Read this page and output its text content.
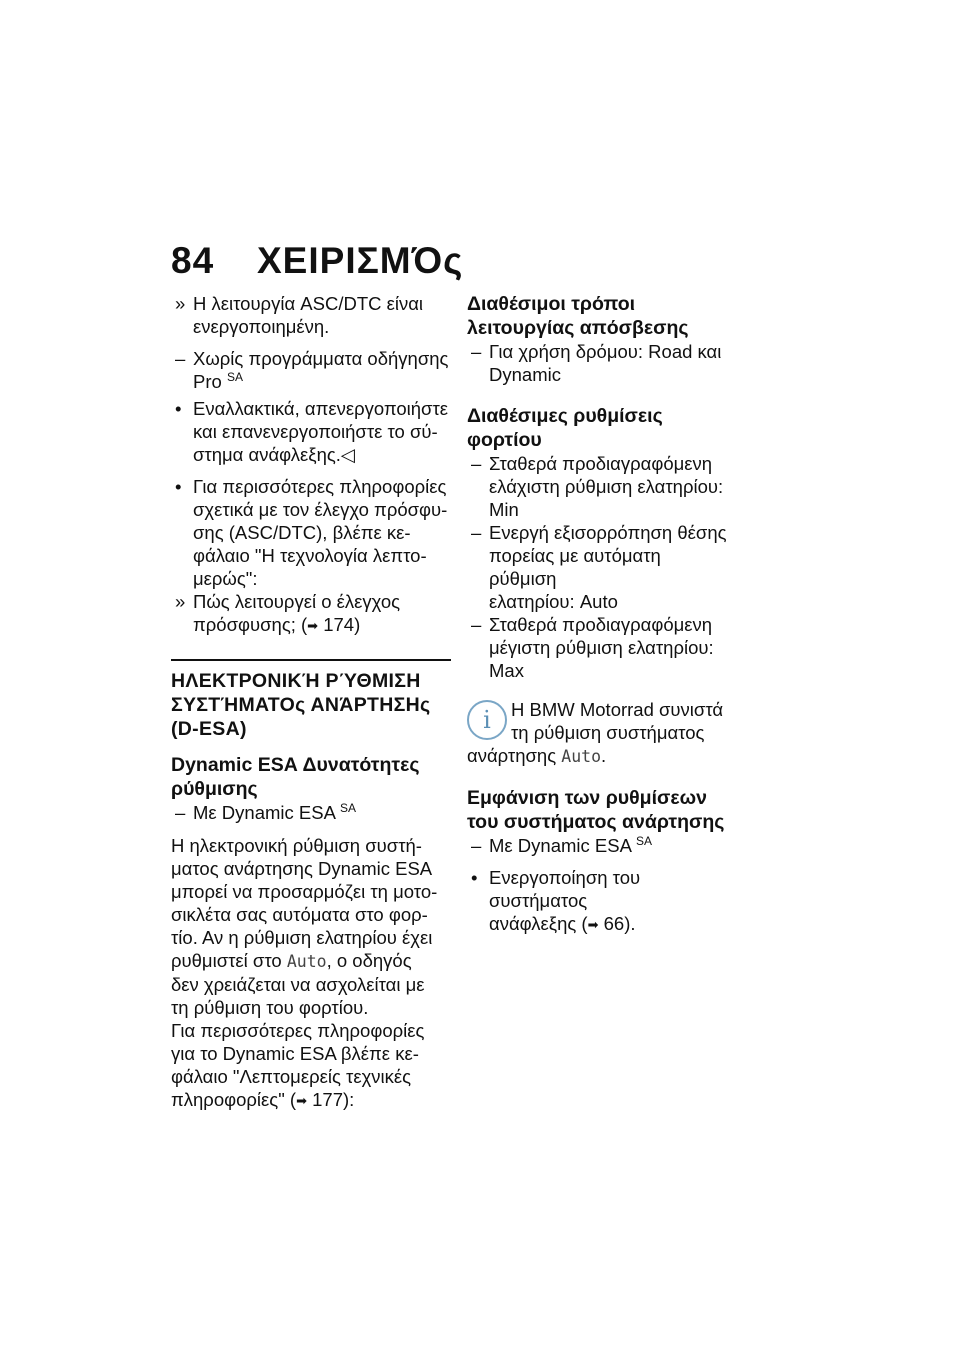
84 ΧΕΙΡΙΣΜΌς
» Η λειτουργία ASC/DTC είναι
ενεργοποιημένη.
– Χωρίς προγράμματα οδήγησης
Pro $^{SA}$
• Εναλλακτικά, απενεργοποιήστε
και επανενεργοποιήστε το σύ-
στημα ανάφλεξης.◁
• Για περισσότερες πληροφορίες
σχετικά με τον έλεγχο πρόσφυ-
σης (ASC/DTC), βλέπε κε-
φάλαιο "Η τεχνολογία λεπτο-
μερώς":
» Πώς λειτουργεί ο έλεγχος
πρόσφυσης; (➡ 174)
ΗΛΕΚΤΡΟΝΙΚΉ ΡΎΘΜΙΣΗ
ΣΥΣΤΉΜΑΤΟς ΑΝΆΡΤΗΣΗς
(D-ESA)
Dynamic ESA Δυνατότητες
ρύθμισης
– Με Dynamic ESA $^{SA}$
Η ηλεκτρονική ρύθμιση συστή-
ματος ανάρτησης Dynamic ESA
μπορεί να προσαρμόζει τη μοτο-
σικλέτα σας αυτόματα στο φορ-
τίο. Αν η ρύθμιση ελατηρίου έχει
ρυθμιστεί στο Auto, ο οδηγός
δεν χρειάζεται να ασχολείται με
τη ρύθμιση του φορτίου.
Για περισσότερες πληροφορίες
για το Dynamic ESA βλέπε κε-
φάλαιο "Λεπτομερείς τεχνικές
πληροφορίες" (➡ 177):
Διαθέσιμοι τρόποι
λειτουργίας απόσβεσης
– Για χρήση δρόμου: Road και
Dynamic
Διαθέσιμες ρυθμίσεις
φορτίου
– Σταθερά προδιαγραφόμενη
ελάχιστη ρύθμιση ελατηρίου:
Min
– Ενεργή εξισορρόπηση θέσης
πορείας με αυτόματη ρύθμιση
ελατηρίου: Auto
– Σταθερά προδιαγραφόμενη
μέγιστη ρύθμιση ελατηρίου:
Max
i	Η BMW Motorrad συνιστά
τη ρύθμιση συστήματος
ανάρτησης Auto.
Εμφάνιση των ρυθμίσεων
του συστήματος ανάρτησης
– Με Dynamic ESA $^{SA}$
• Ενεργοποίηση του συστήματος
ανάφλεξης (➡ 66).
